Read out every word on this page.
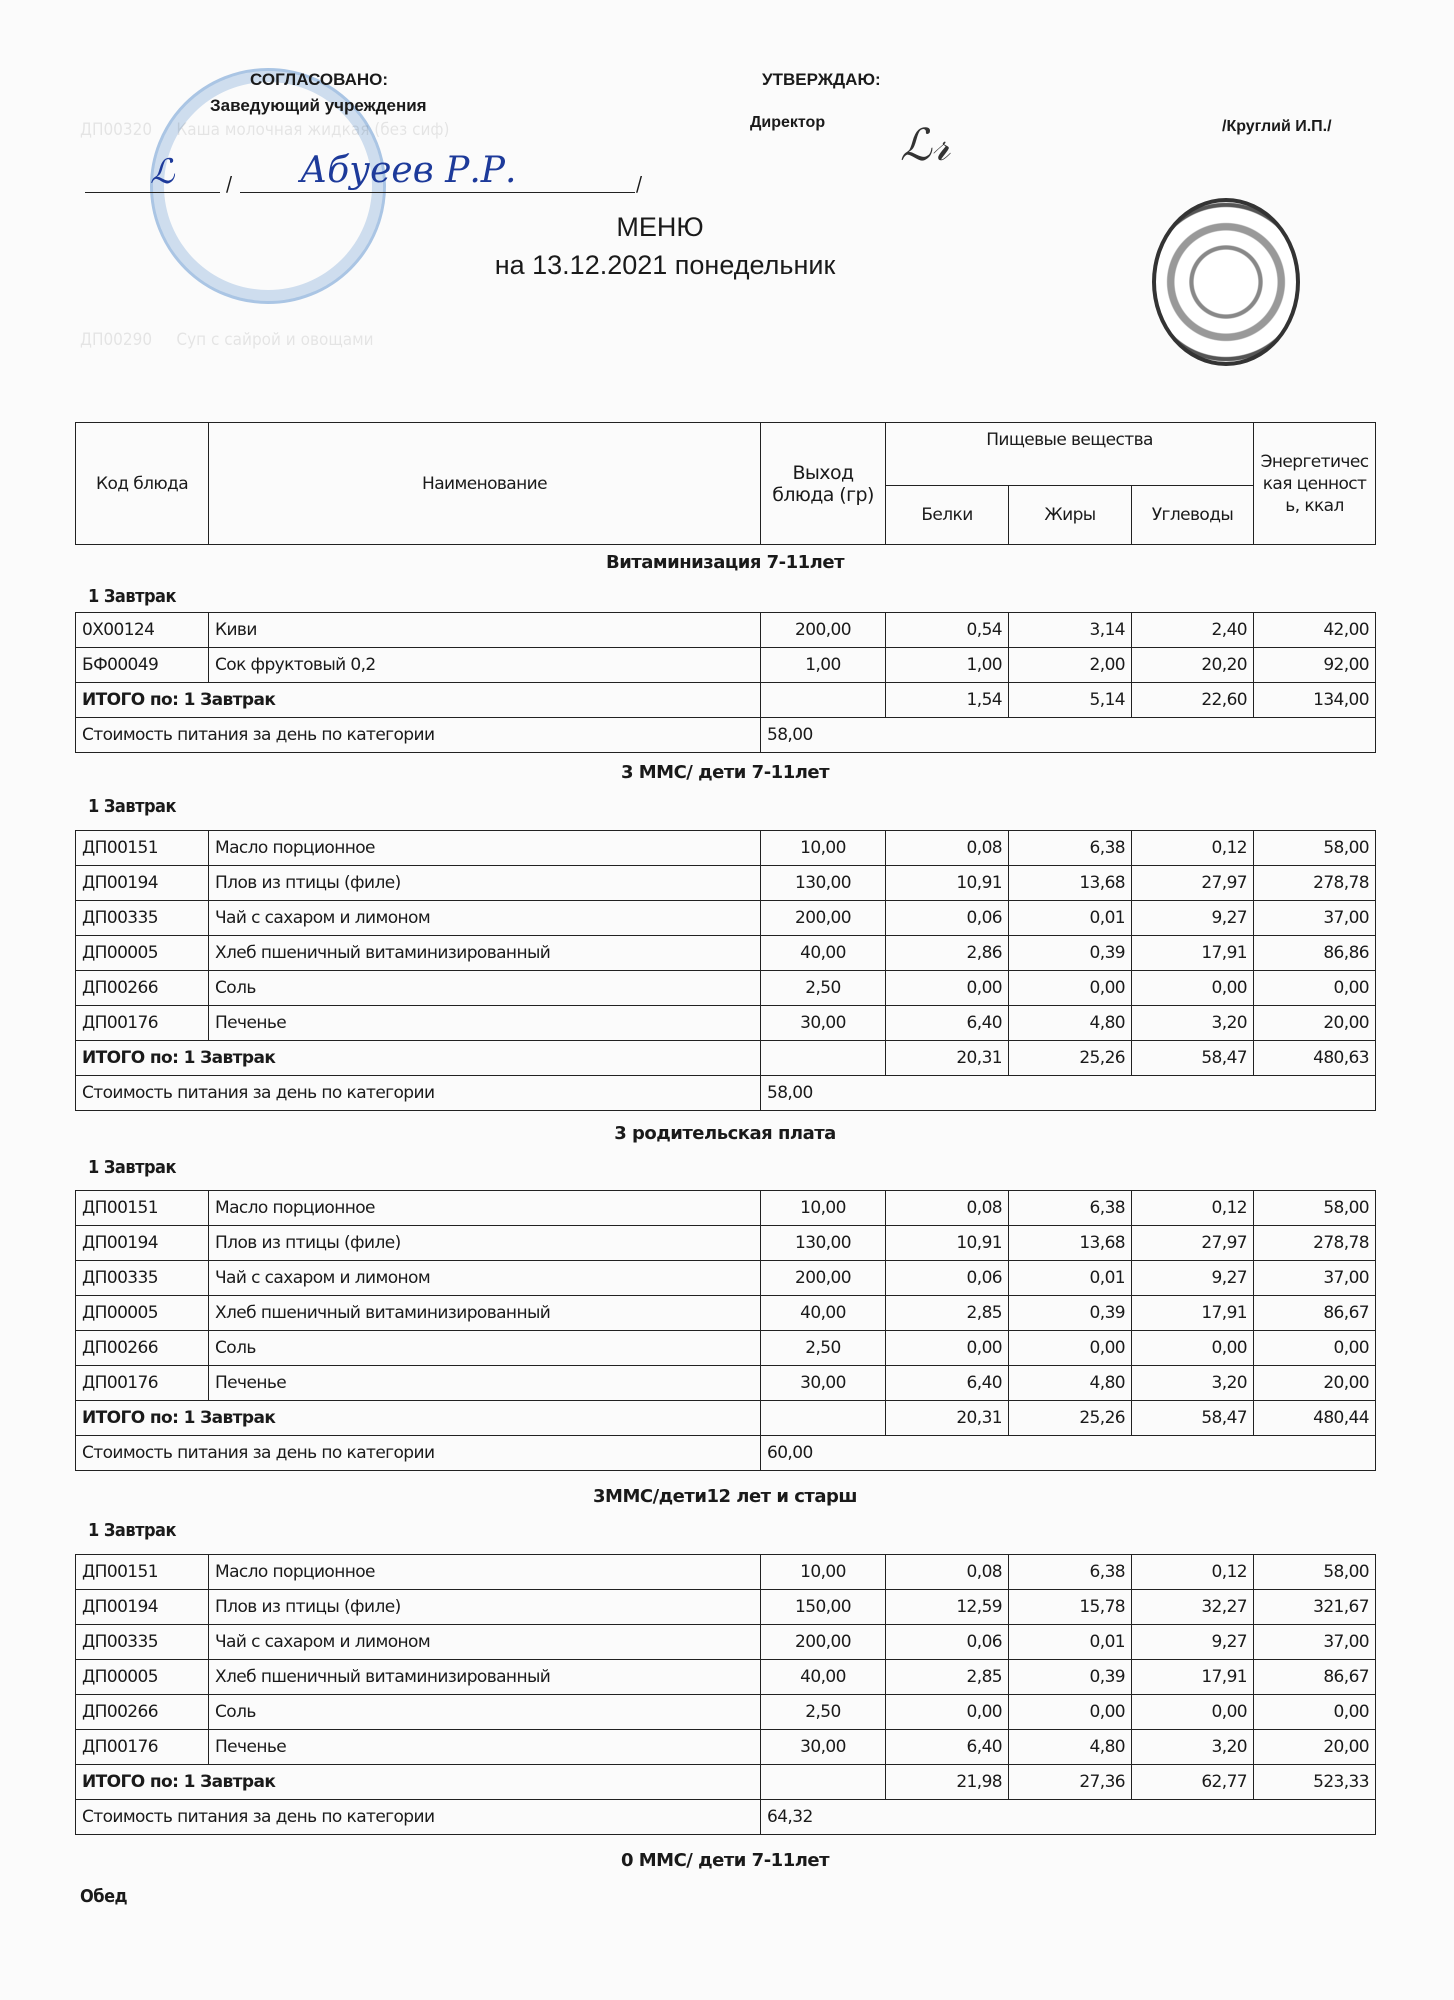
СОГЛАСОВАНО:
Заведующий учреждения
ℒ	/ Абуеев Р.Р.	/
УТВЕРЖДАЮ:
Директор ℒ𝓇	/Круглий И.П./
МЕНЮ
на 13.12.2021 понедельник
ДП00320     Каша молочная жидкая (без сиф)
ДП00290     Суп с сайрой и овощами
Код блюда	Наименование	Выход блюда (гр)	Пищевые вещества			Энергетическая ценность, ккал
			Белки	Жиры	Углеводы	
Витаминизация 7-11лет
1 Завтрак
0Х00124	Киви	200,00	0,54	3,14	2,40	42,00
БФ00049	Сок фруктовый 0,2	1,00	1,00	2,00	20,20	92,00
ИТОГО по: 1 Завтрак			1,54	5,14	22,60	134,00
Стоимость питания за день по категории		58,00				
3 ММС/ дети 7-11лет
1 Завтрак
ДП00151	Масло порционное	10,00	0,08	6,38	0,12	58,00
ДП00194	Плов из птицы (филе)	130,00	10,91	13,68	27,97	278,78
ДП00335	Чай с сахаром и лимоном	200,00	0,06	0,01	9,27	37,00
ДП00005	Хлеб пшеничный витаминизированный	40,00	2,86	0,39	17,91	86,86
ДП00266	Соль	2,50	0,00	0,00	0,00	0,00
ДП00176	Печенье	30,00	6,40	4,80	3,20	20,00
ИТОГО по: 1 Завтрак			20,31	25,26	58,47	480,63
Стоимость питания за день по категории		58,00				
3 родительская плата
1 Завтрак
ДП00151	Масло порционное	10,00	0,08	6,38	0,12	58,00
ДП00194	Плов из птицы (филе)	130,00	10,91	13,68	27,97	278,78
ДП00335	Чай с сахаром и лимоном	200,00	0,06	0,01	9,27	37,00
ДП00005	Хлеб пшеничный витаминизированный	40,00	2,85	0,39	17,91	86,67
ДП00266	Соль	2,50	0,00	0,00	0,00	0,00
ДП00176	Печенье	30,00	6,40	4,80	3,20	20,00
ИТОГО по: 1 Завтрак			20,31	25,26	58,47	480,44
Стоимость питания за день по категории		60,00				
3ММС/дети12 лет и старш
1 Завтрак
ДП00151	Масло порционное	10,00	0,08	6,38	0,12	58,00
ДП00194	Плов из птицы (филе)	150,00	12,59	15,78	32,27	321,67
ДП00335	Чай с сахаром и лимоном	200,00	0,06	0,01	9,27	37,00
ДП00005	Хлеб пшеничный витаминизированный	40,00	2,85	0,39	17,91	86,67
ДП00266	Соль	2,50	0,00	0,00	0,00	0,00
ДП00176	Печенье	30,00	6,40	4,80	3,20	20,00
ИТОГО по: 1 Завтрак			21,98	27,36	62,77	523,33
Стоимость питания за день по категории		64,32				
0 ММС/ дети 7-11лет
Обед
